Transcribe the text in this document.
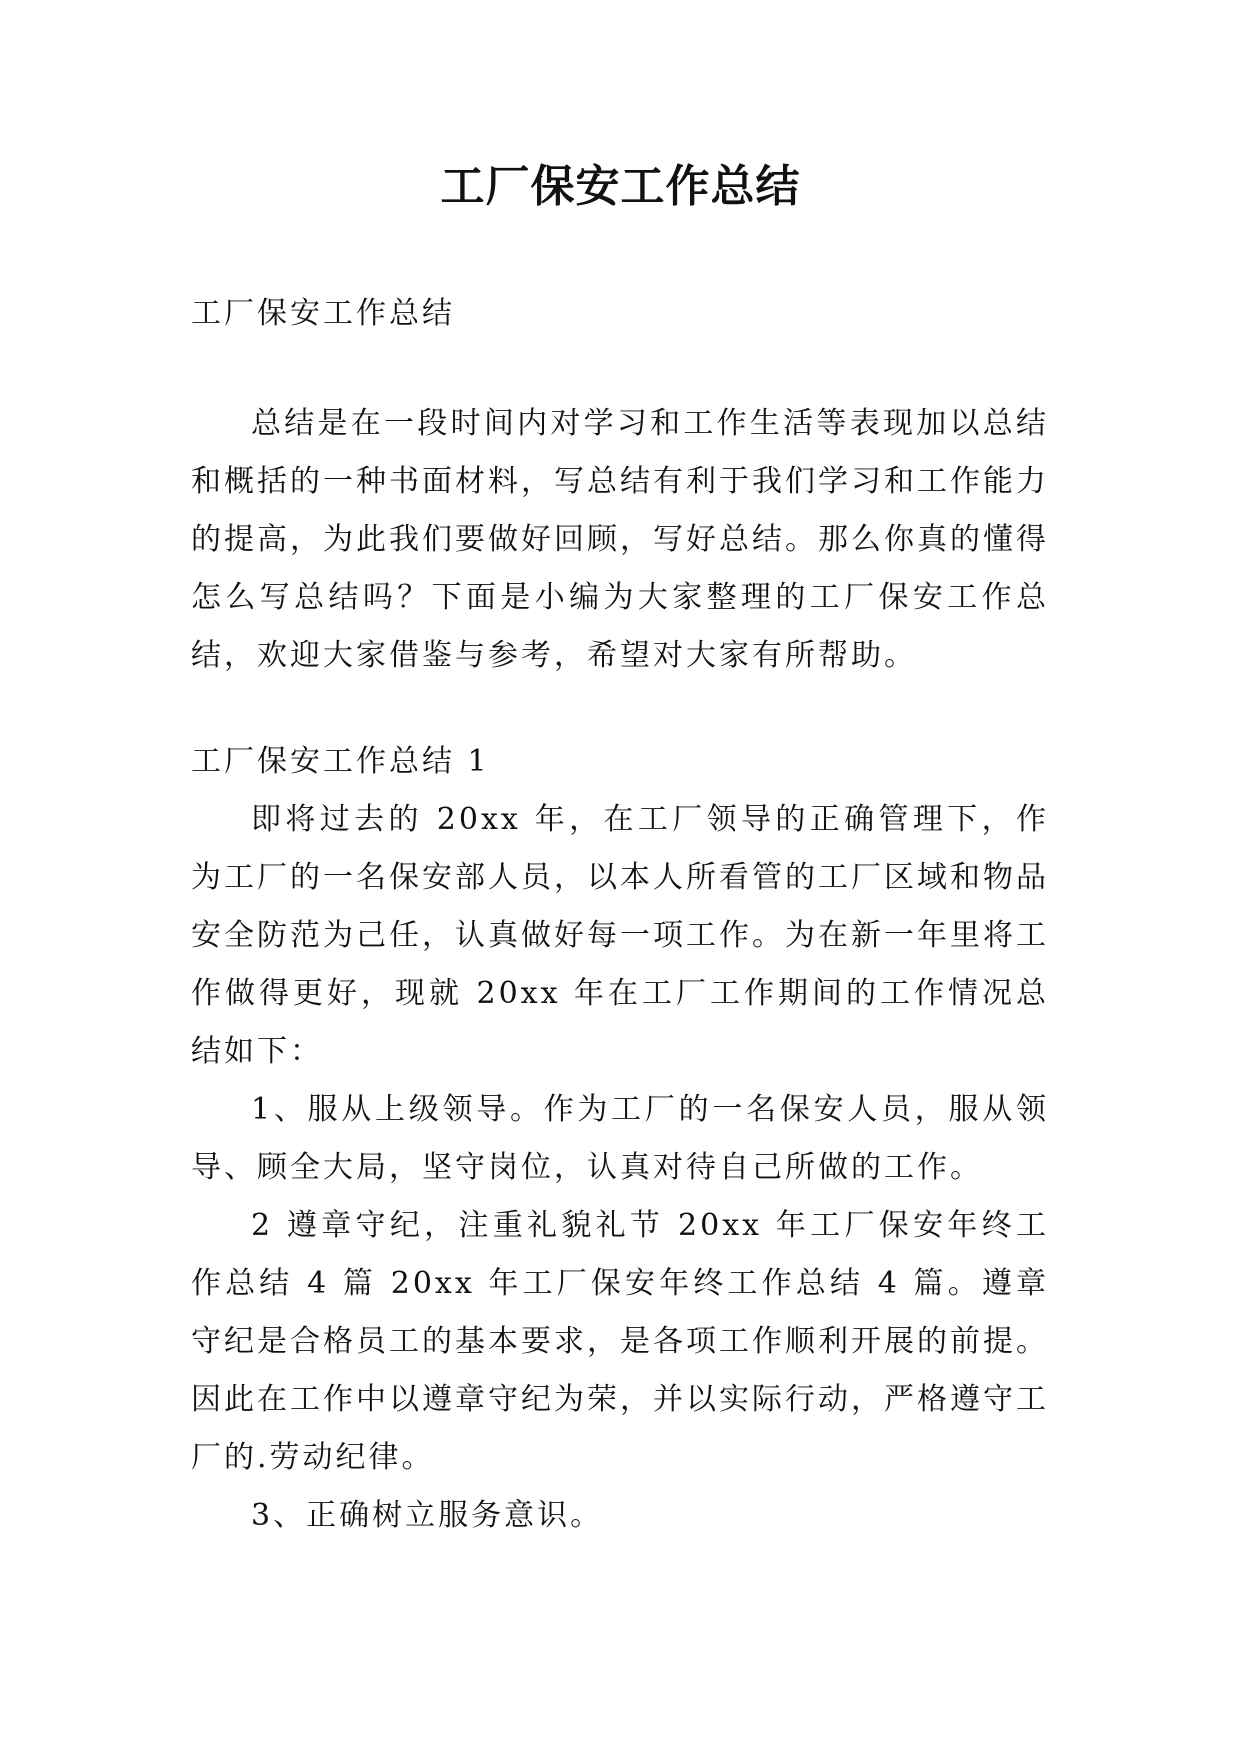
工厂保安工作总结

工厂保安工作总结

总结是在一段时间内对学习和工作生活等表现加以总结和概括的一种书面材料，写总结有利于我们学习和工作能力的提高，为此我们要做好回顾，写好总结。那么你真的懂得怎么写总结吗？下面是小编为大家整理的工厂保安工作总结，欢迎大家借鉴与参考，希望对大家有所帮助。

工厂保安工作总结 1

即将过去的 20xx 年，在工厂领导的正确管理下，作为工厂的一名保安部人员，以本人所看管的工厂区域和物品安全防范为己任，认真做好每一项工作。为在新一年里将工作做得更好，现就 20xx 年在工厂工作期间的工作情况总结如下：

1、服从上级领导。作为工厂的一名保安人员，服从领导、顾全大局，坚守岗位，认真对待自己所做的工作。

2 遵章守纪，注重礼貌礼节 20xx 年工厂保安年终工作总结 4 篇 20xx 年工厂保安年终工作总结 4 篇。遵章守纪是合格员工的基本要求，是各项工作顺利开展的前提。因此在工作中以遵章守纪为荣，并以实际行动，严格遵守工厂的.劳动纪律。

3、正确树立服务意识。
